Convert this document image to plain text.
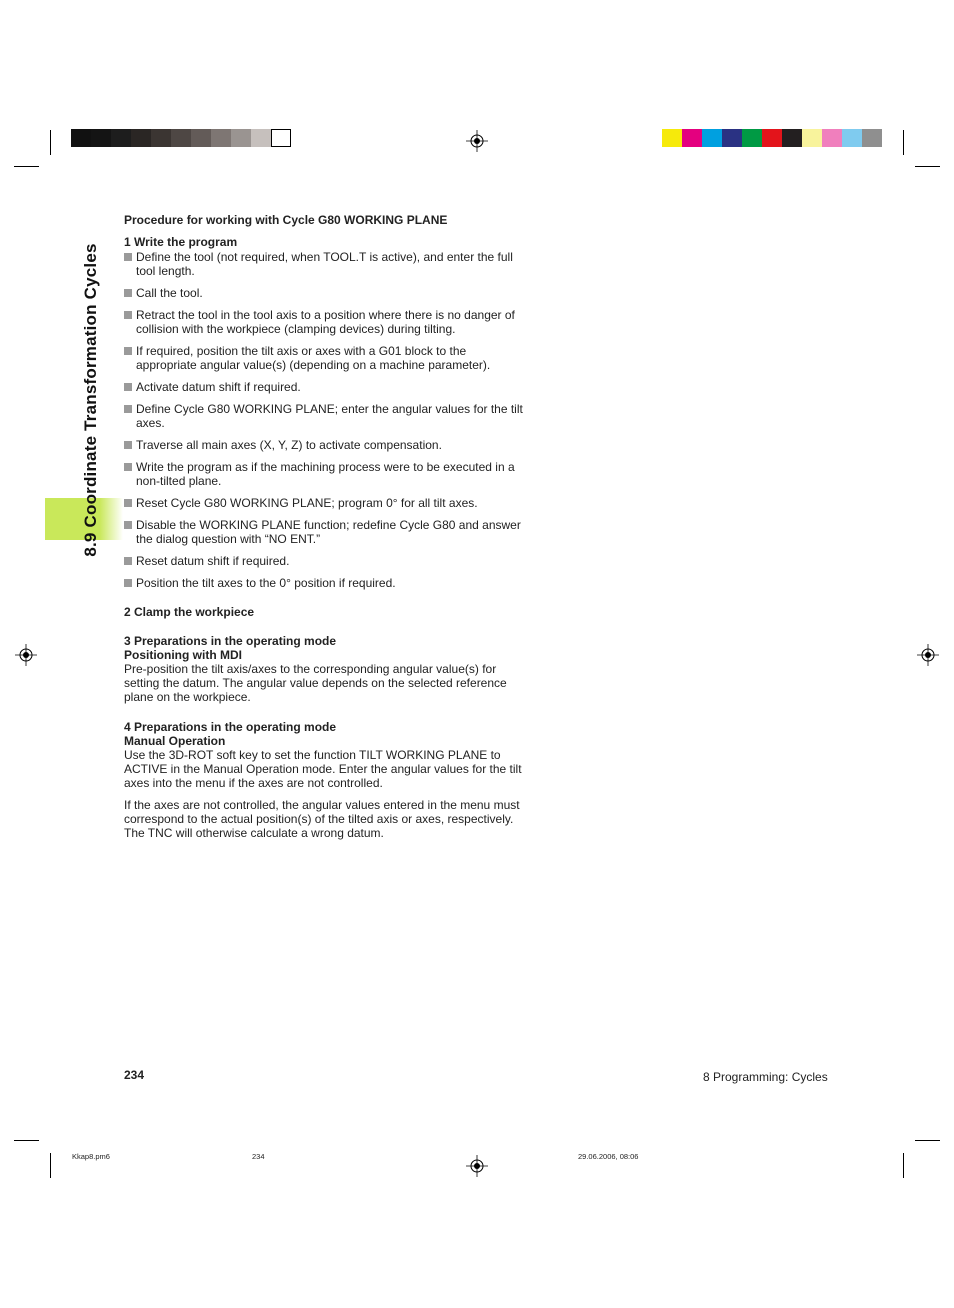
8.9 Coordinate Transformation Cycles

Procedure for working with Cycle G80 WORKING PLANE

1 Write the program

Define the tool (not required, when TOOL.T is active), and enter the full tool length.

Call the tool.

Retract the tool in the tool axis to a position where there is no danger of collision with the workpiece (clamping devices) during tilting.

If required, position the tilt axis or axes with a G01 block to the appropriate angular value(s) (depending on a machine parameter).

Activate datum shift if required.

Define Cycle G80 WORKING PLANE; enter the angular values for the tilt axes.

Traverse all main axes (X, Y, Z) to activate compensation.

Write the program as if the machining process were to be executed in a non-tilted plane.

Reset Cycle G80 WORKING PLANE; program 0° for all tilt axes.

Disable the WORKING PLANE function; redefine Cycle G80 and answer the dialog question with “NO ENT.”

Reset datum shift if required.

Position the tilt axes to the 0° position if required.

2 Clamp the workpiece

3 Preparations in the operating mode

Positioning with MDI

Pre-position the tilt axis/axes to the corresponding angular value(s) for setting the datum. The angular value depends on the selected reference plane on the workpiece.

4 Preparations in the operating mode

Manual Operation

Use the 3D-ROT soft key to set the function TILT WORKING PLANE to ACTIVE in the Manual Operation mode. Enter the angular values for the tilt axes into the menu if the axes are not controlled.

If the axes are not controlled, the angular values entered in the menu must correspond to the actual position(s) of the tilted axis or axes, respectively. The TNC will otherwise calculate a wrong datum.

234	8 Programming: Cycles
Kkap8.pm6	234	29.06.2006, 08:06
